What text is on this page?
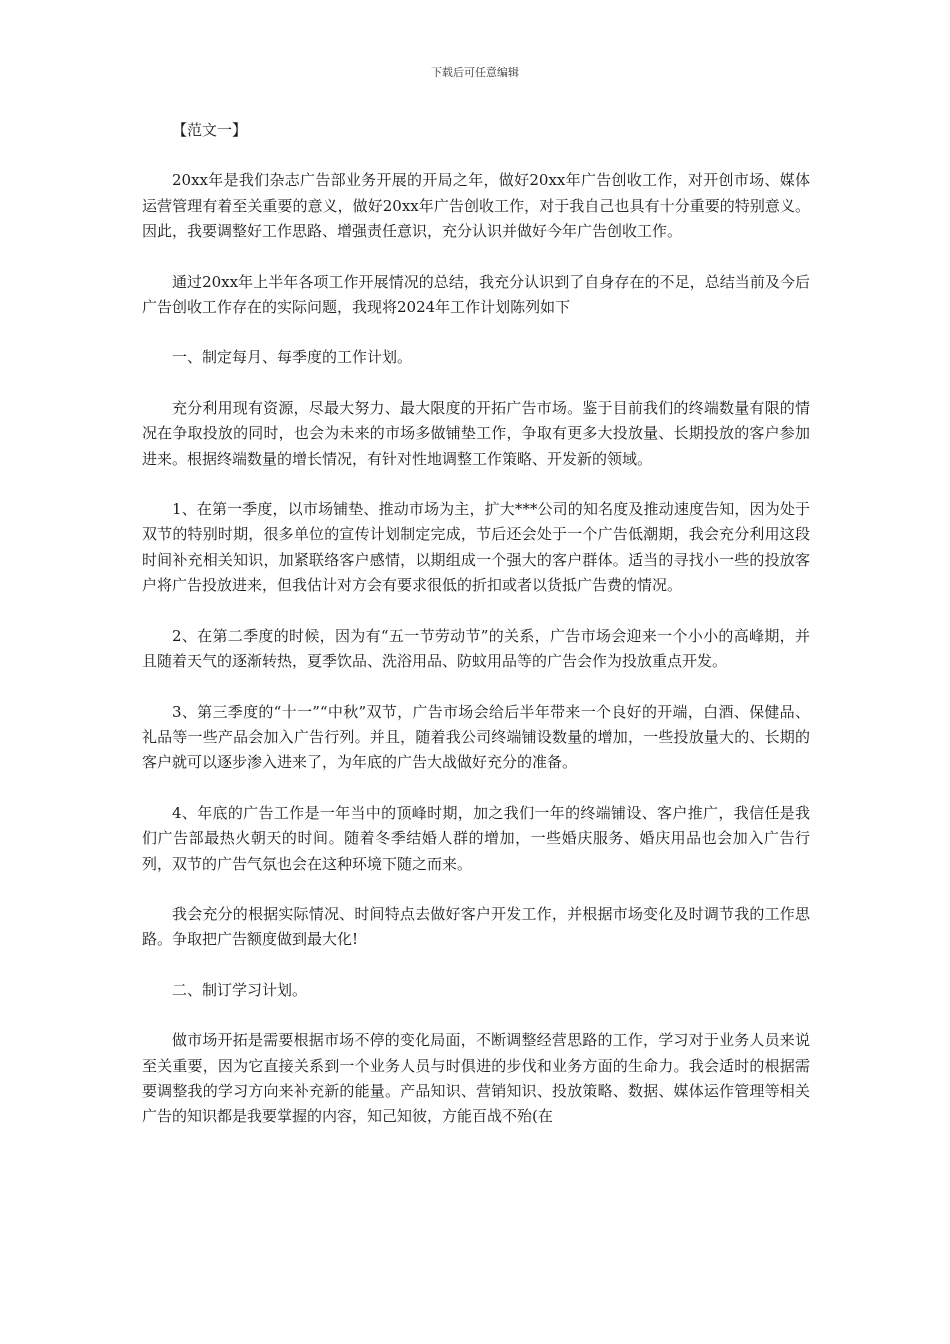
下载后可任意编辑

【范文一】

20xx年是我们杂志广告部业务开展的开局之年，做好20xx年广告创收工作，对开创市场、媒体运营管理有着至关重要的意义，做好20xx年广告创收工作，对于我自己也具有十分重要的特别意义。因此，我要调整好工作思路、增强责任意识，充分认识并做好今年广告创收工作。

通过20xx年上半年各项工作开展情况的总结，我充分认识到了自身存在的不足，总结当前及今后广告创收工作存在的实际问题，我现将2024年工作计划陈列如下

一、制定每月、每季度的工作计划。

充分利用现有资源，尽最大努力、最大限度的开拓广告市场。鉴于目前我们的终端数量有限的情况在争取投放的同时，也会为未来的市场多做铺垫工作，争取有更多大投放量、长期投放的客户参加进来。根据终端数量的增长情况，有针对性地调整工作策略、开发新的领域。

1、在第一季度，以市场铺垫、推动市场为主，扩大***公司的知名度及推动速度告知，因为处于双节的特别时期，很多单位的宣传计划制定完成，节后还会处于一个广告低潮期，我会充分利用这段时间补充相关知识，加紧联络客户感情，以期组成一个强大的客户群体。适当的寻找小一些的投放客户将广告投放进来，但我估计对方会有要求很低的折扣或者以货抵广告费的情况。

2、在第二季度的时候，因为有“五一节劳动节”的关系，广告市场会迎来一个小小的高峰期，并且随着天气的逐渐转热，夏季饮品、洗浴用品、防蚊用品等的广告会作为投放重点开发。

3、第三季度的“十一”“中秋”双节，广告市场会给后半年带来一个良好的开端，白酒、保健品、礼品等一些产品会加入广告行列。并且，随着我公司终端铺设数量的增加，一些投放量大的、长期的客户就可以逐步渗入进来了，为年底的广告大战做好充分的准备。

4、年底的广告工作是一年当中的顶峰时期，加之我们一年的终端铺设、客户推广，我信任是我们广告部最热火朝天的时间。随着冬季结婚人群的增加，一些婚庆服务、婚庆用品也会加入广告行列，双节的广告气氛也会在这种环境下随之而来。

我会充分的根据实际情况、时间特点去做好客户开发工作，并根据市场变化及时调节我的工作思路。争取把广告额度做到最大化!

二、制订学习计划。

做市场开拓是需要根据市场不停的变化局面，不断调整经营思路的工作，学习对于业务人员来说至关重要，因为它直接关系到一个业务人员与时俱进的步伐和业务方面的生命力。我会适时的根据需要调整我的学习方向来补充新的能量。产品知识、营销知识、投放策略、数据、媒体运作管理等相关广告的知识都是我要掌握的内容，知己知彼，方能百战不殆(在
